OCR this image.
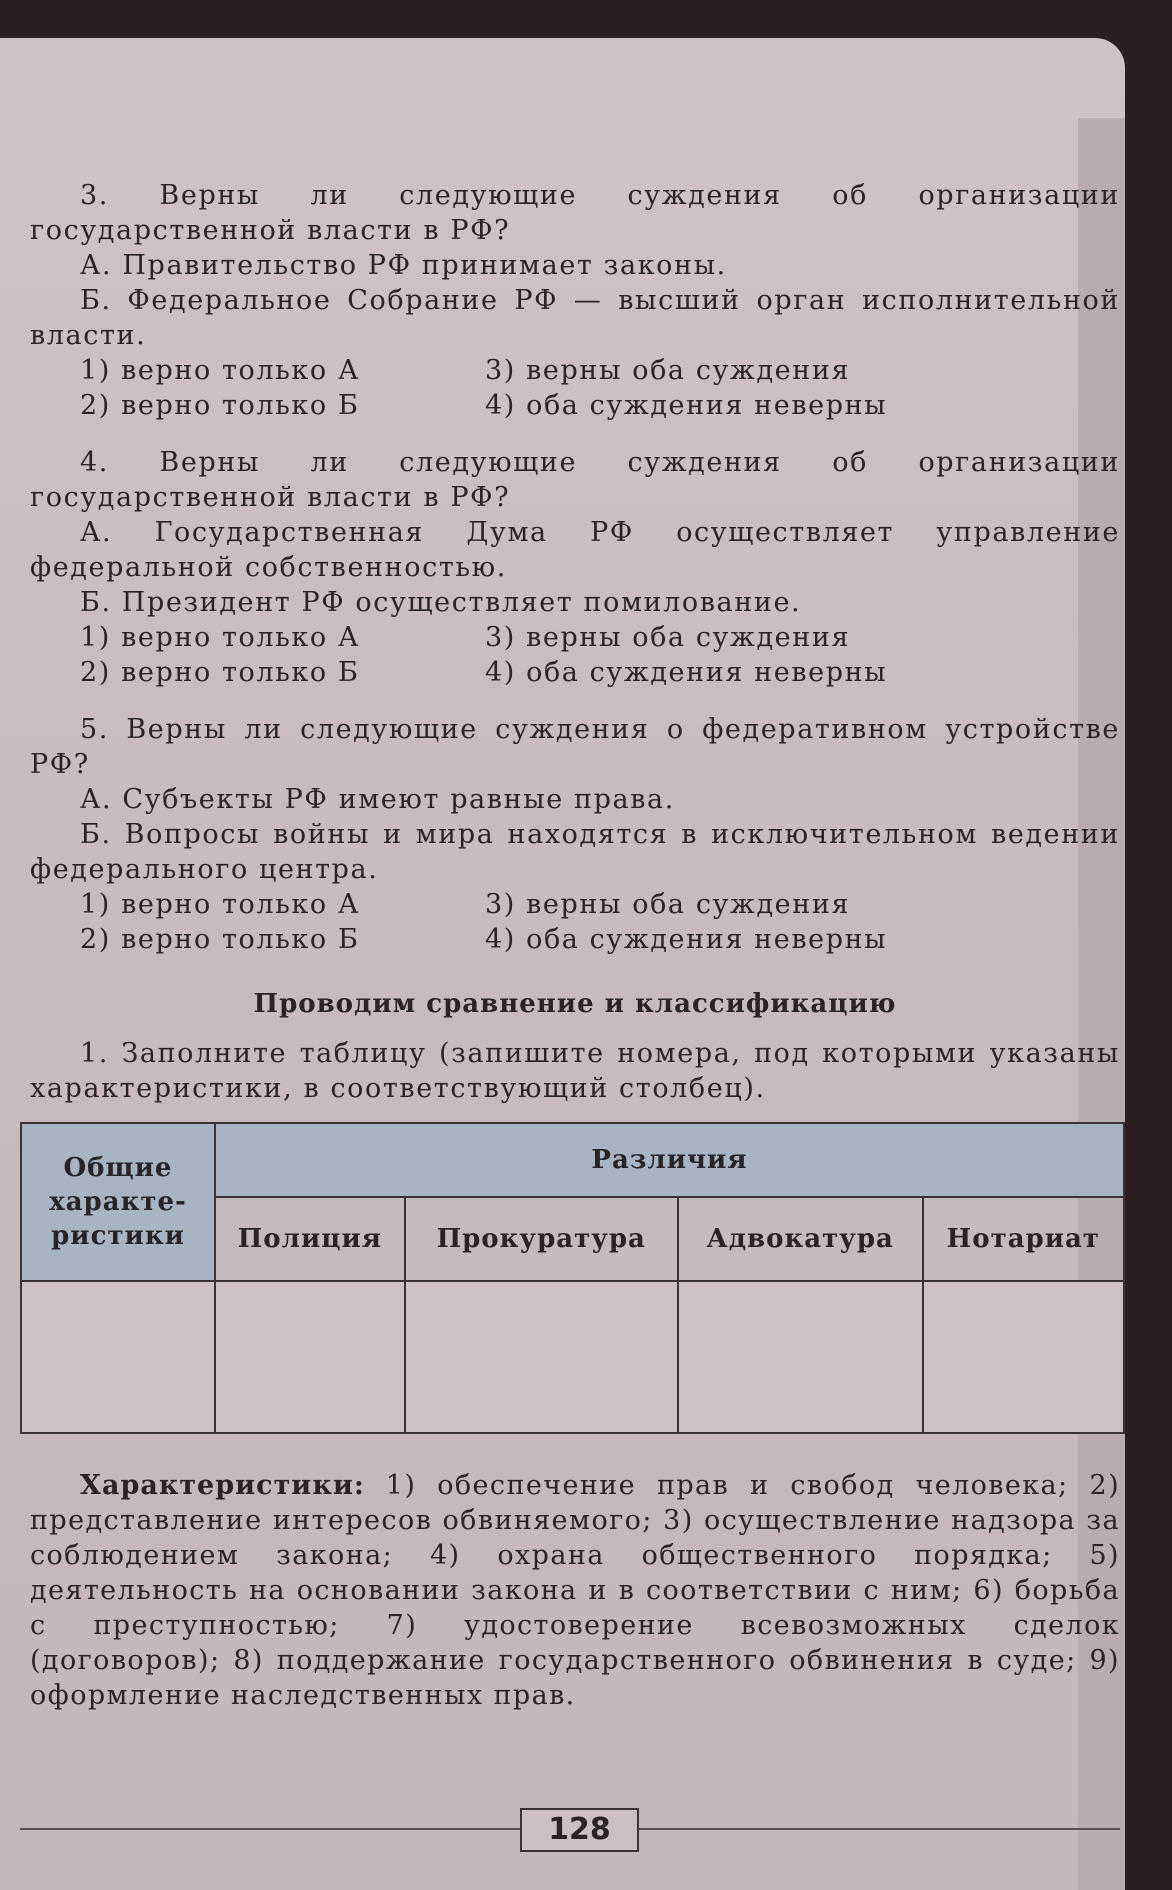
3. Верны ли следующие суждения об организации государственной власти в РФ?

А. Правительство РФ принимает законы.

Б. Федеральное Собрание РФ — высший орган исполнительной власти.

1) верно только А	3) верны оба суждения
2) верно только Б	4) оба суждения неверны

4. Верны ли следующие суждения об организации государственной власти в РФ?

А. Государственная Дума РФ осуществляет управление федеральной собственностью.

Б. Президент РФ осуществляет помилование.

1) верно только А	3) верны оба суждения
2) верно только Б	4) оба суждения неверны

5. Верны ли следующие суждения о федеративном устройстве РФ?

А. Субъекты РФ имеют равные права.

Б. Вопросы войны и мира находятся в исключительном ведении федерального центра.

1) верно только А	3) верны оба суждения
2) верно только Б	4) оба суждения неверны
Проводим сравнение и классификацию

1. Заполните таблицу (запишите номера, под которыми указаны характеристики, в соответствующий столбец).

Общие характе-ристики	Различия			
	Полиция	Прокуратура	Адвокатура	Нотариат

Характеристики: 1) обеспечение прав и свобод человека; 2) представление интересов обвиняемого; 3) осуществление надзора за соблюдением закона; 4) охрана общественного порядка; 5) деятельность на основании закона и в соответствии с ним; 6) борьба с преступностью; 7) удостоверение всевозможных сделок (договоров); 8) поддержание государственного обвинения в суде; 9) оформление наследственных прав.
128
